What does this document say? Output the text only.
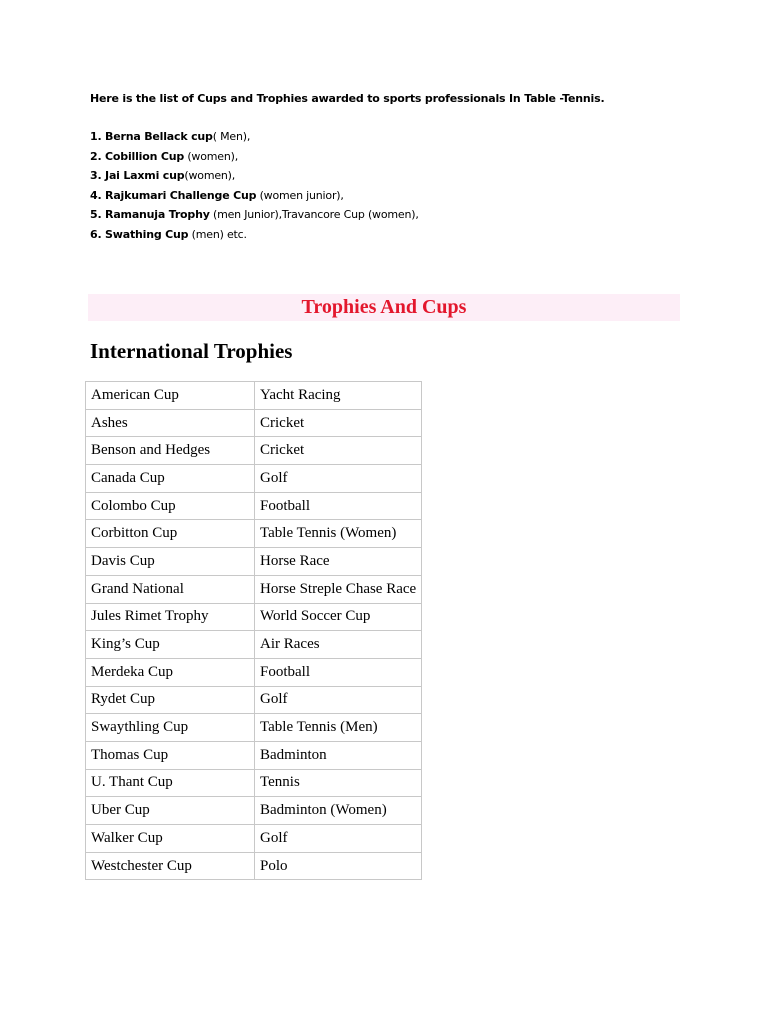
Here is the list of Cups and Trophies awarded to sports professionals In Table -Tennis.
1. Berna Bellack cup( Men),
2. Cobillion Cup (women),
3. Jai Laxmi cup(women),
4. Rajkumari Challenge Cup (women junior),
5. Ramanuja Trophy (men Junior),Travancore Cup (women),
6. Swathing Cup (men) etc.
Trophies And Cups
International Trophies
American Cup	Yacht Racing
Ashes	Cricket
Benson and Hedges	Cricket
Canada Cup	Golf
Colombo Cup	Football
Corbitton Cup	Table Tennis (Women)
Davis Cup	Horse Race
Grand National	Horse Streple Chase Race
Jules Rimet Trophy	World Soccer Cup
King’s Cup	Air Races
Merdeka Cup	Football
Rydet Cup	Golf
Swaythling Cup	Table Tennis (Men)
Thomas Cup	Badminton
U. Thant Cup	Tennis
Uber Cup	Badminton (Women)
Walker Cup	Golf
Westchester Cup	Polo
